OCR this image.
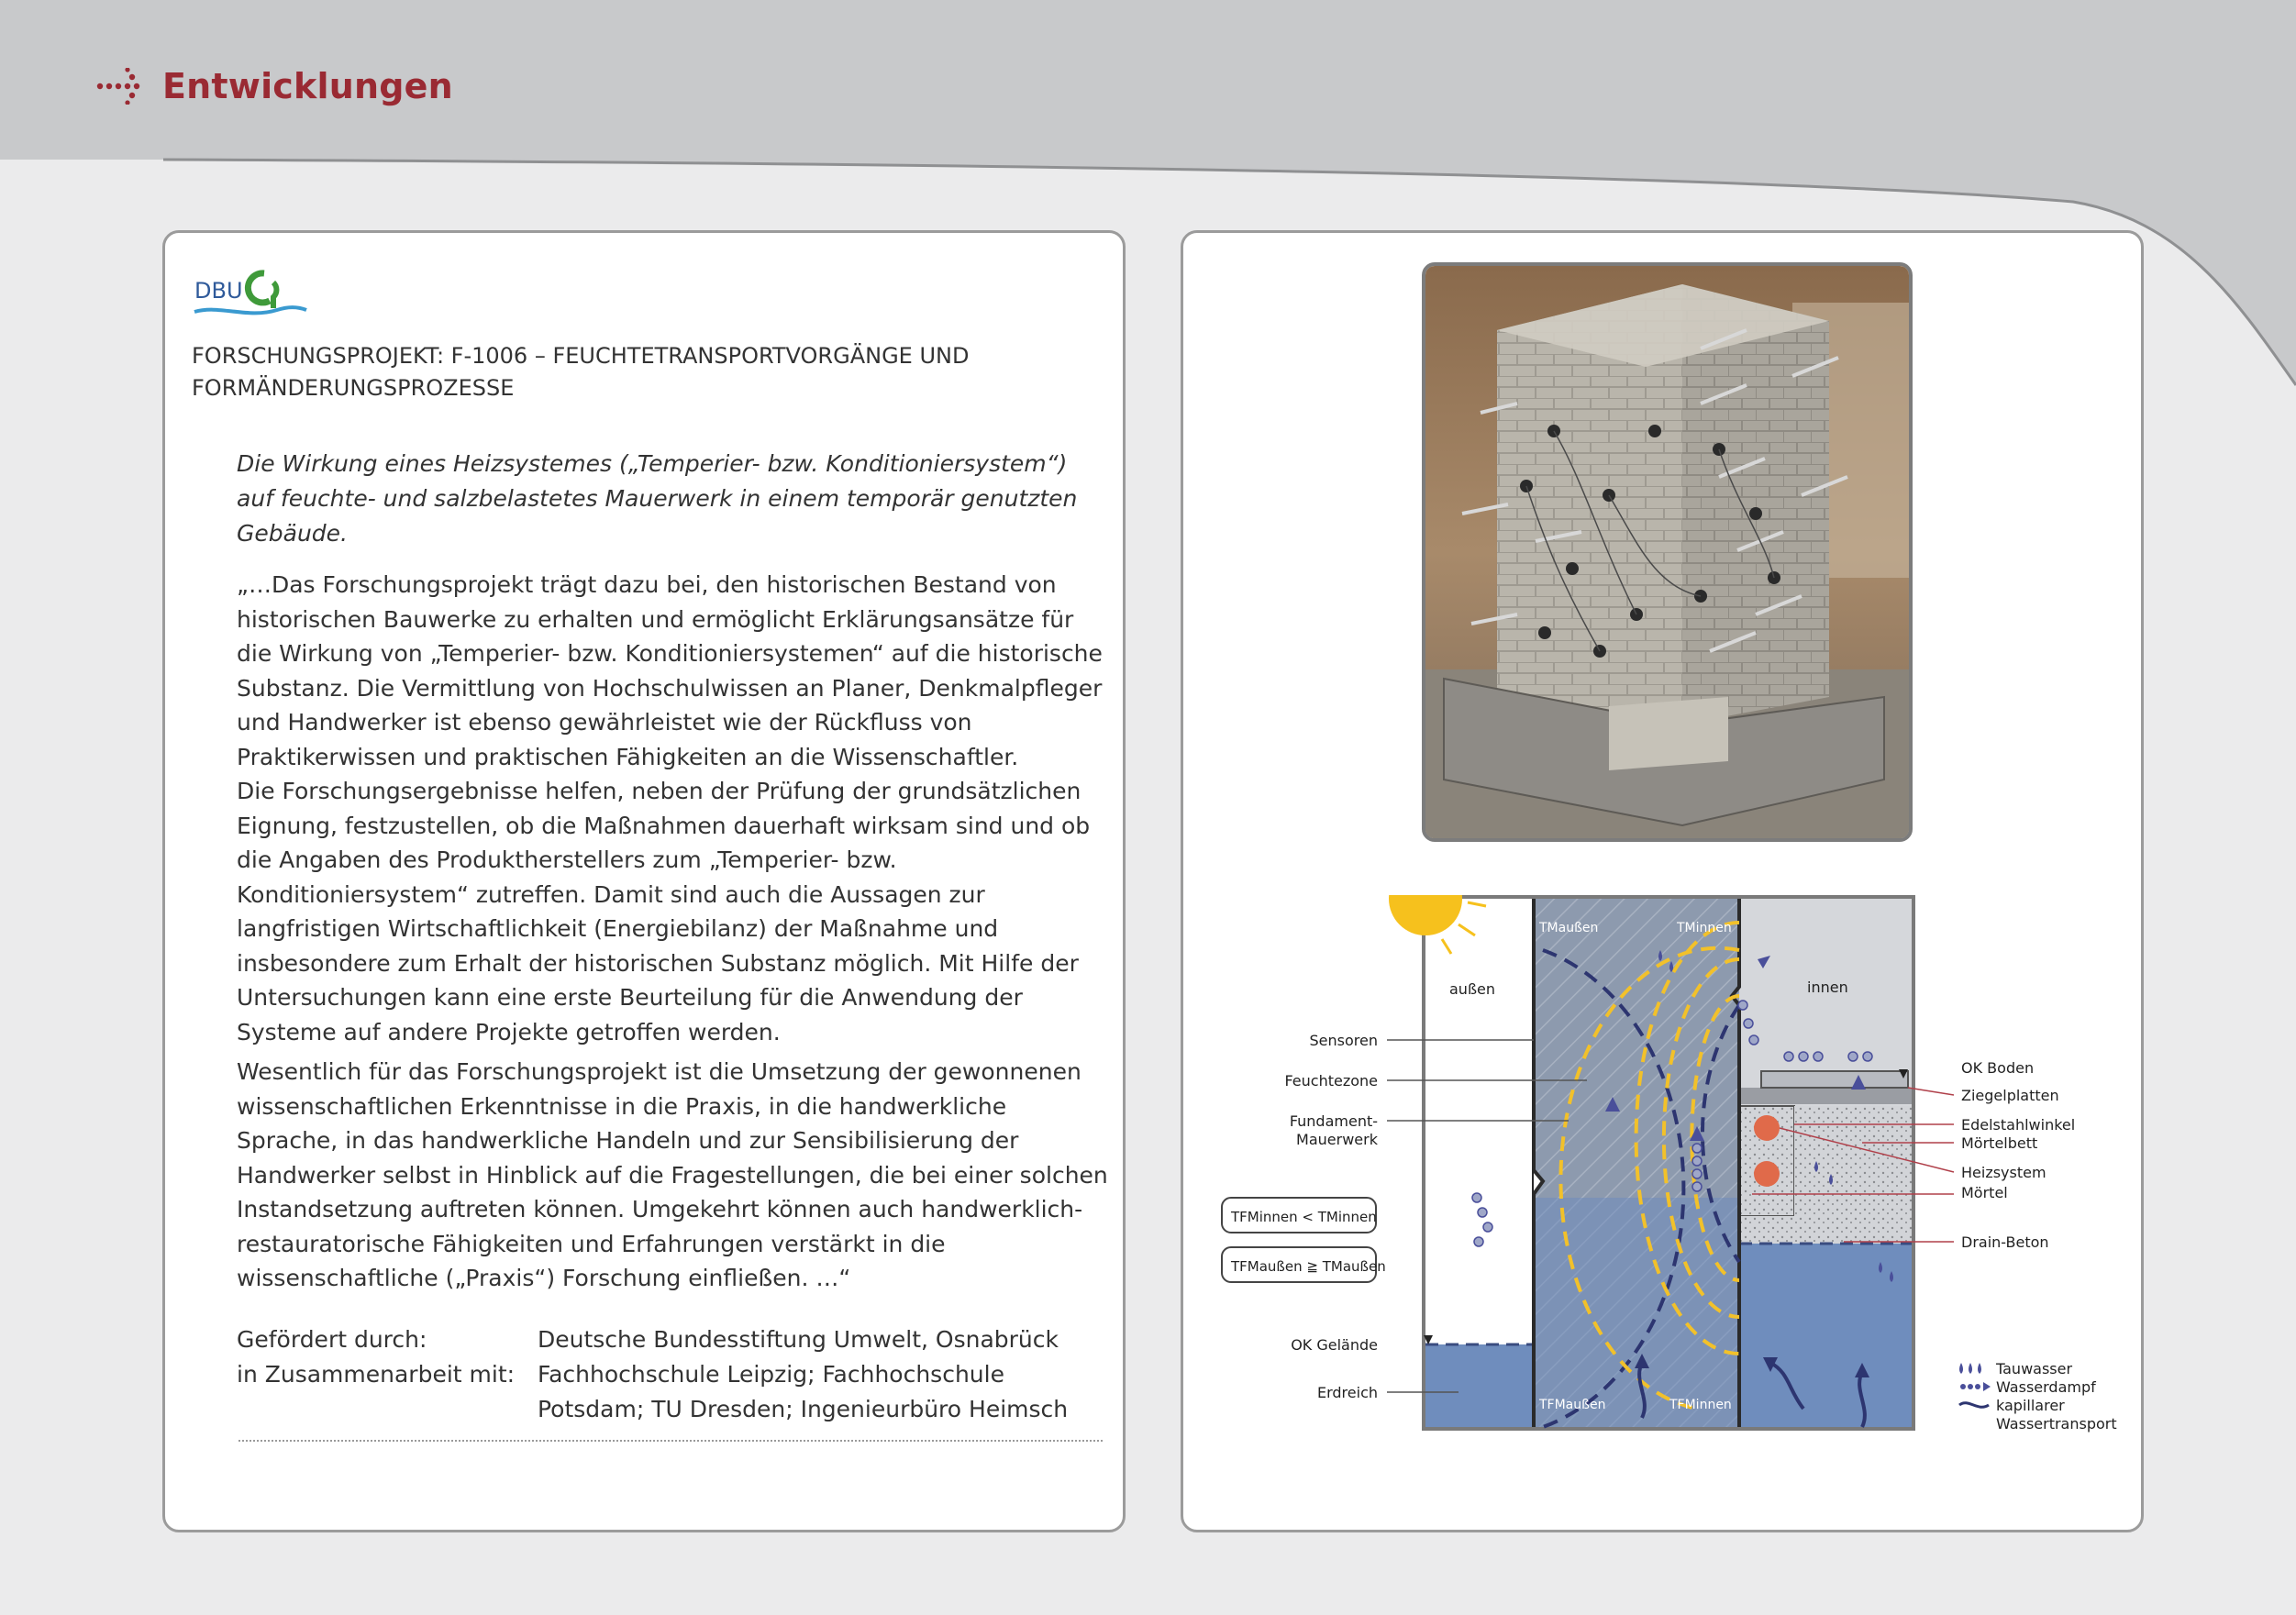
Entwicklungen
DBU
FORSCHUNGSPROJEKT: F-1006 – FEUCHTETRANSPORTVORGÄNGE UND FORMÄNDERUNGSPROZESSE

Die Wirkung eines Heizsystemes („Temperier- bzw. Konditioniersystem“) auf feuchte- und salzbelastetes Mauerwerk in einem temporär genutzten Gebäude.

„…Das Forschungsprojekt trägt dazu bei, den historischen Bestand von historischen Bauwerke zu erhalten und ermöglicht Erklärungsansätze für die Wirkung von „Temperier- bzw. Konditioniersystemen“ auf die historische Substanz. Die Vermittlung von Hochschulwissen an Planer, Denkmalpfleger und Handwerker ist ebenso gewährleistet wie der Rückfluss von Praktikerwissen und praktischen Fähigkeiten an die Wissenschaftler.

Die Forschungsergebnisse helfen, neben der Prüfung der grundsätzlichen Eignung, festzustellen, ob die Maßnahmen dauerhaft wirksam sind und ob die Angaben des Produktherstellers zum „Temperier- bzw. Konditioniersystem“ zutreffen. Damit sind auch die Aussagen zur langfristigen Wirtschaftlichkeit (Energiebilanz) der Maßnahme und insbesondere zum Erhalt der historischen Substanz möglich. Mit Hilfe der Untersuchungen kann eine erste Beurteilung für die Anwendung der Systeme auf andere Projekte getroffen werden.

Wesentlich für das Forschungsprojekt ist die Umsetzung der gewonnenen wissenschaftlichen Erkenntnisse in die Praxis, in die handwerkliche Sprache, in das handwerkliche Handeln und zur Sensibilisierung der Handwerker selbst in Hinblick auf die Fragestellungen, die bei einer solchen Instandsetzung auftreten können. Umgekehrt können auch handwerklich-restauratorische Fähigkeiten und Erfahrungen verstärkt in die wissenschaftliche („Praxis“) Forschung einfließen. …“

Gefördert durch:	Deutsche Bundesstiftung Umwelt, Osnabrück
in Zusammenarbeit mit: Fachhochschule Leipzig; Fachhochschule Potsdam; TU Dresden; Ingenieurbüro Heimsch
außen	innen
TMaußen	TMinnen
TFMaußen	TFMinnen
Sensoren
Feuchtezone
Fundament-
Mauerwerk
OK Gelände
Erdreich
TFMinnen < TMinnen
TFMaußen ≧ TMaußen
OK Boden
Ziegelplatten
Edelstahlwinkel
Mörtelbett
Heizsystem
Mörtel
Drain-Beton
Tauwasser
Wasserdampf
kapillarer
Wassertransport
